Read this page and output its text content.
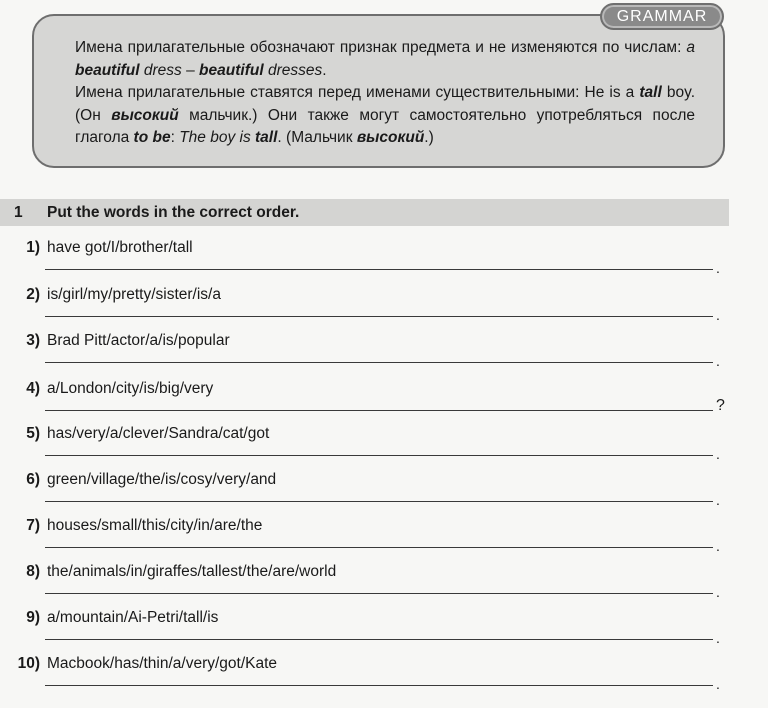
GRAMMAR

Имена прилагательные обозначают признак предмета и не изменяются по числам: a beautiful dress – beautiful dresses.

Имена прилагательные ставятся перед именами существительными: He is a tall boy. (Он высокий мальчик.) Они также могут самостоятельно употребляться после глагола to be: The boy is tall. (Мальчик высокий.)

1 Put the words in the correct order.
1) have got/I/brother/tall
.
2) is/girl/my/pretty/sister/is/a
.
3) Brad Pitt/actor/a/is/popular
.
4) a/London/city/is/big/very
?
5) has/very/a/clever/Sandra/cat/got
.
6) green/village/the/is/cosy/very/and
.
7) houses/small/this/city/in/are/the
.
8) the/animals/in/giraffes/tallest/the/are/world
.
9) a/mountain/Ai-Petri/tall/is
.
10) Macbook/has/thin/a/very/got/Kate
.
